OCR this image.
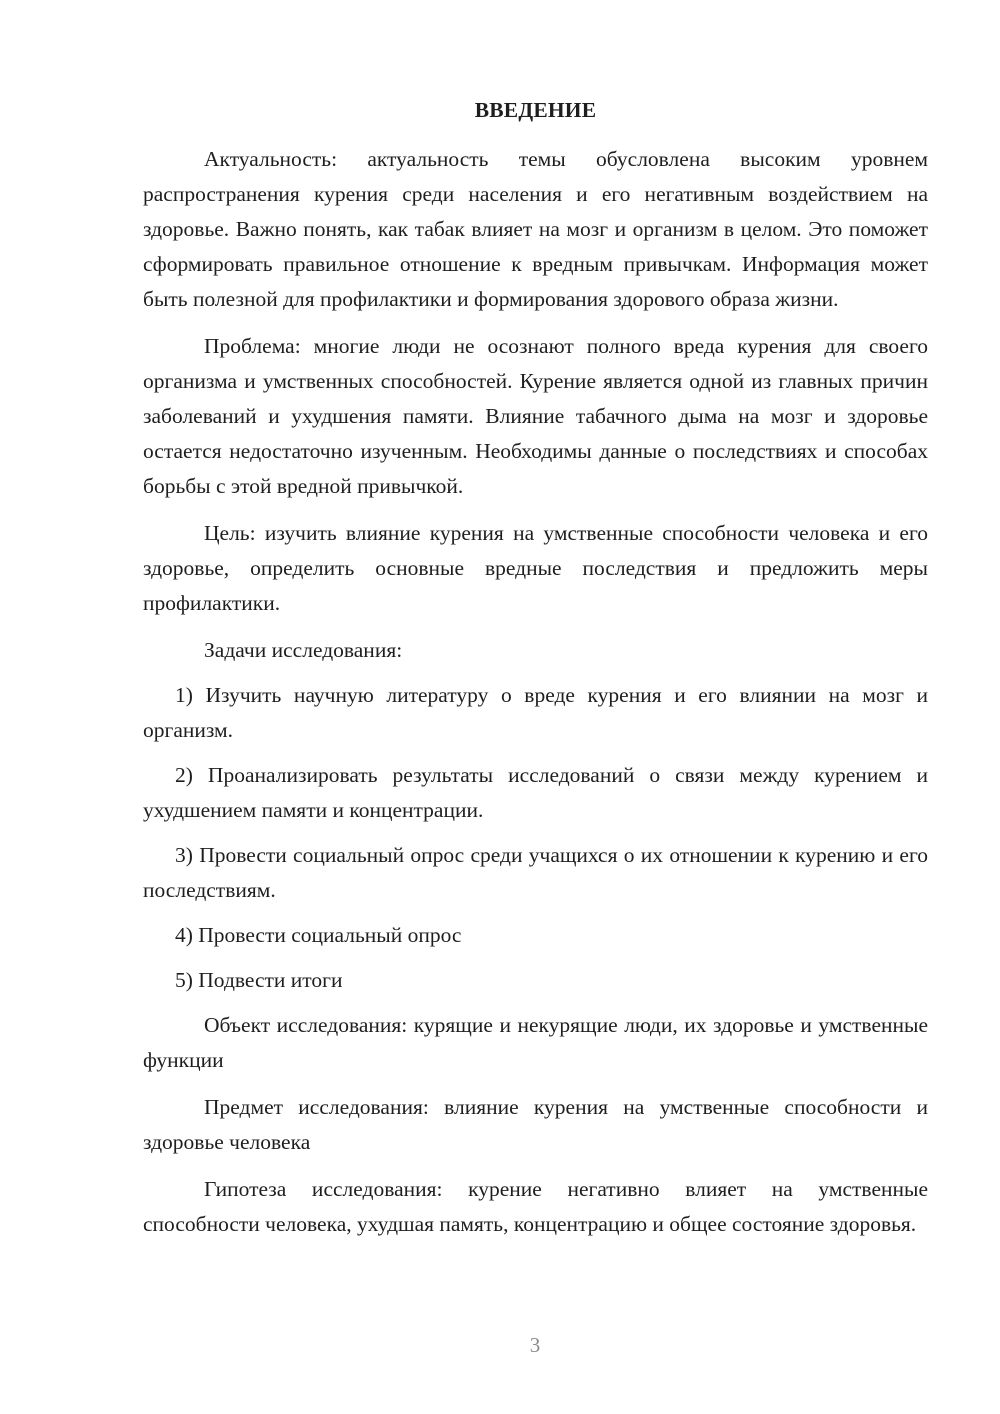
ВВЕДЕНИЕ

Актуальность: актуальность темы обусловлена высоким уровнем распространения курения среди населения и его негативным воздействием на здоровье. Важно понять, как табак влияет на мозг и организм в целом. Это поможет сформировать правильное отношение к вредным привычкам. Информация может быть полезной для профилактики и формирования здорового образа жизни.

Проблема: многие люди не осознают полного вреда курения для своего организма и умственных способностей. Курение является одной из главных причин заболеваний и ухудшения памяти. Влияние табачного дыма на мозг и здоровье остается недостаточно изученным. Необходимы данные о последствиях и способах борьбы с этой вредной привычкой.

Цель: изучить влияние курения на умственные способности человека и его здоровье, определить основные вредные последствия и предложить меры профилактики.

Задачи исследования:

1) Изучить научную литературу о вреде курения и его влиянии на мозг и организм.

2) Проанализировать результаты исследований о связи между курением и ухудшением памяти и концентрации.

3) Провести социальный опрос среди учащихся о их отношении к курению и его последствиям.

4) Провести социальный опрос

5) Подвести итоги

Объект исследования: курящие и некурящие люди, их здоровье и умственные функции

Предмет исследования: влияние курения на умственные способности и здоровье человека

Гипотеза исследования: курение негативно влияет на умственные способности человека, ухудшая память, концентрацию и общее состояние здоровья.

3
